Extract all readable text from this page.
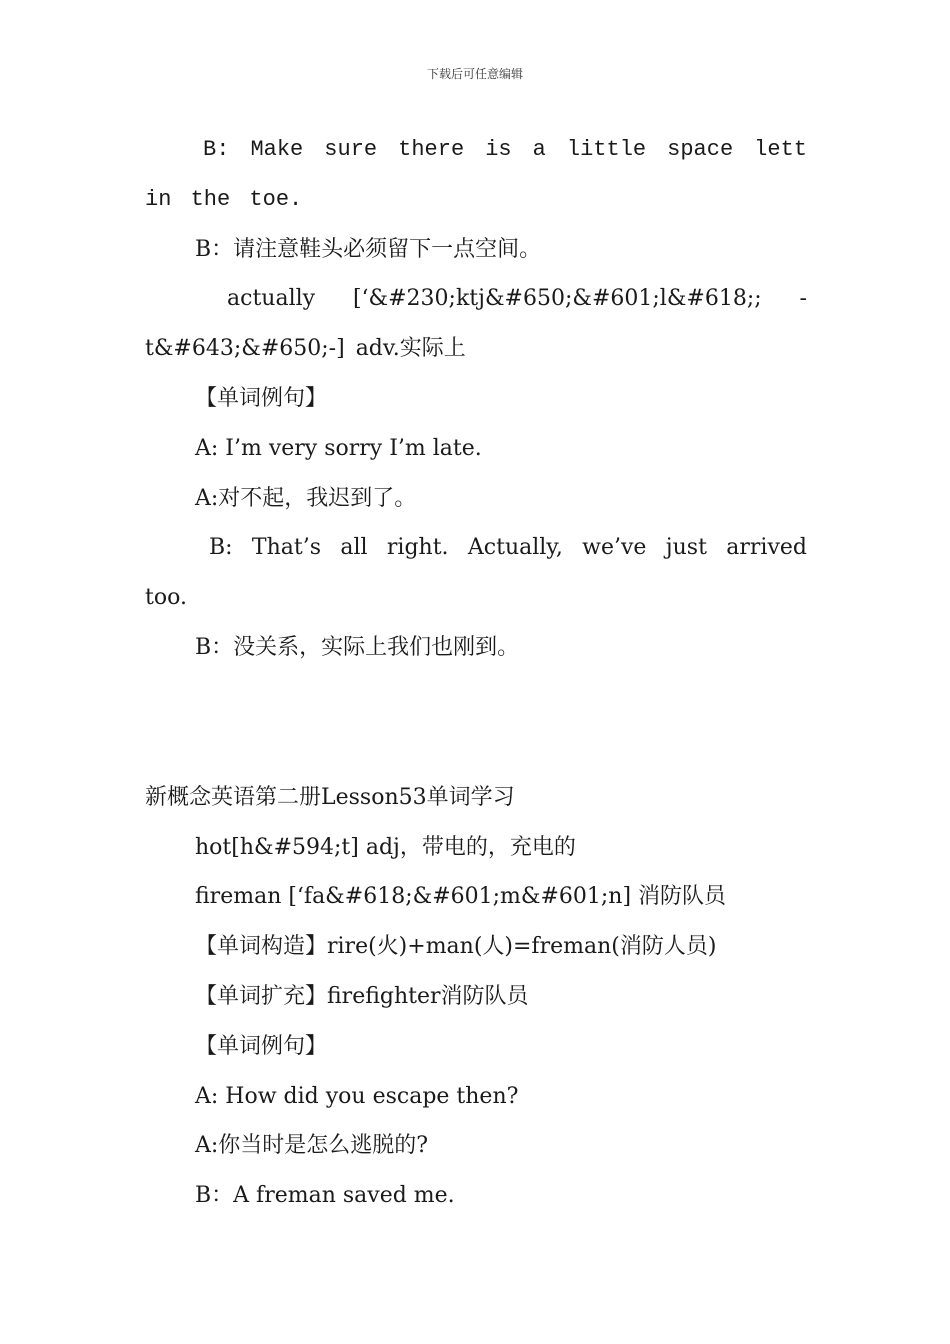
下载后可任意编辑

B: Make sure there is a little space lett in the toe.

B：请注意鞋头必须留下一点空间。

actually [‘&#230;ktj&#650;&#601;l&#618;; -t&#643;&#650;-] adv.实际上

【单词例句】

A: I’m very sorry I’m late.

A:对不起，我迟到了。

B: That’s all right. Actually, we’ve just arrived too.

B：没关系，实际上我们也刚到。

新概念英语第二册Lesson53单词学习

hot[h&#594;t] adj，带电的，充电的

fireman [‘fa&#618;&#601;m&#601;n] 消防队员

【单词构造】rire(火)+man(人)=freman(消防人员)

【单词扩充】firefighter消防队员

【单词例句】

A: How did you escape then?

A:你当时是怎么逃脱的?

B：A freman saved me.
